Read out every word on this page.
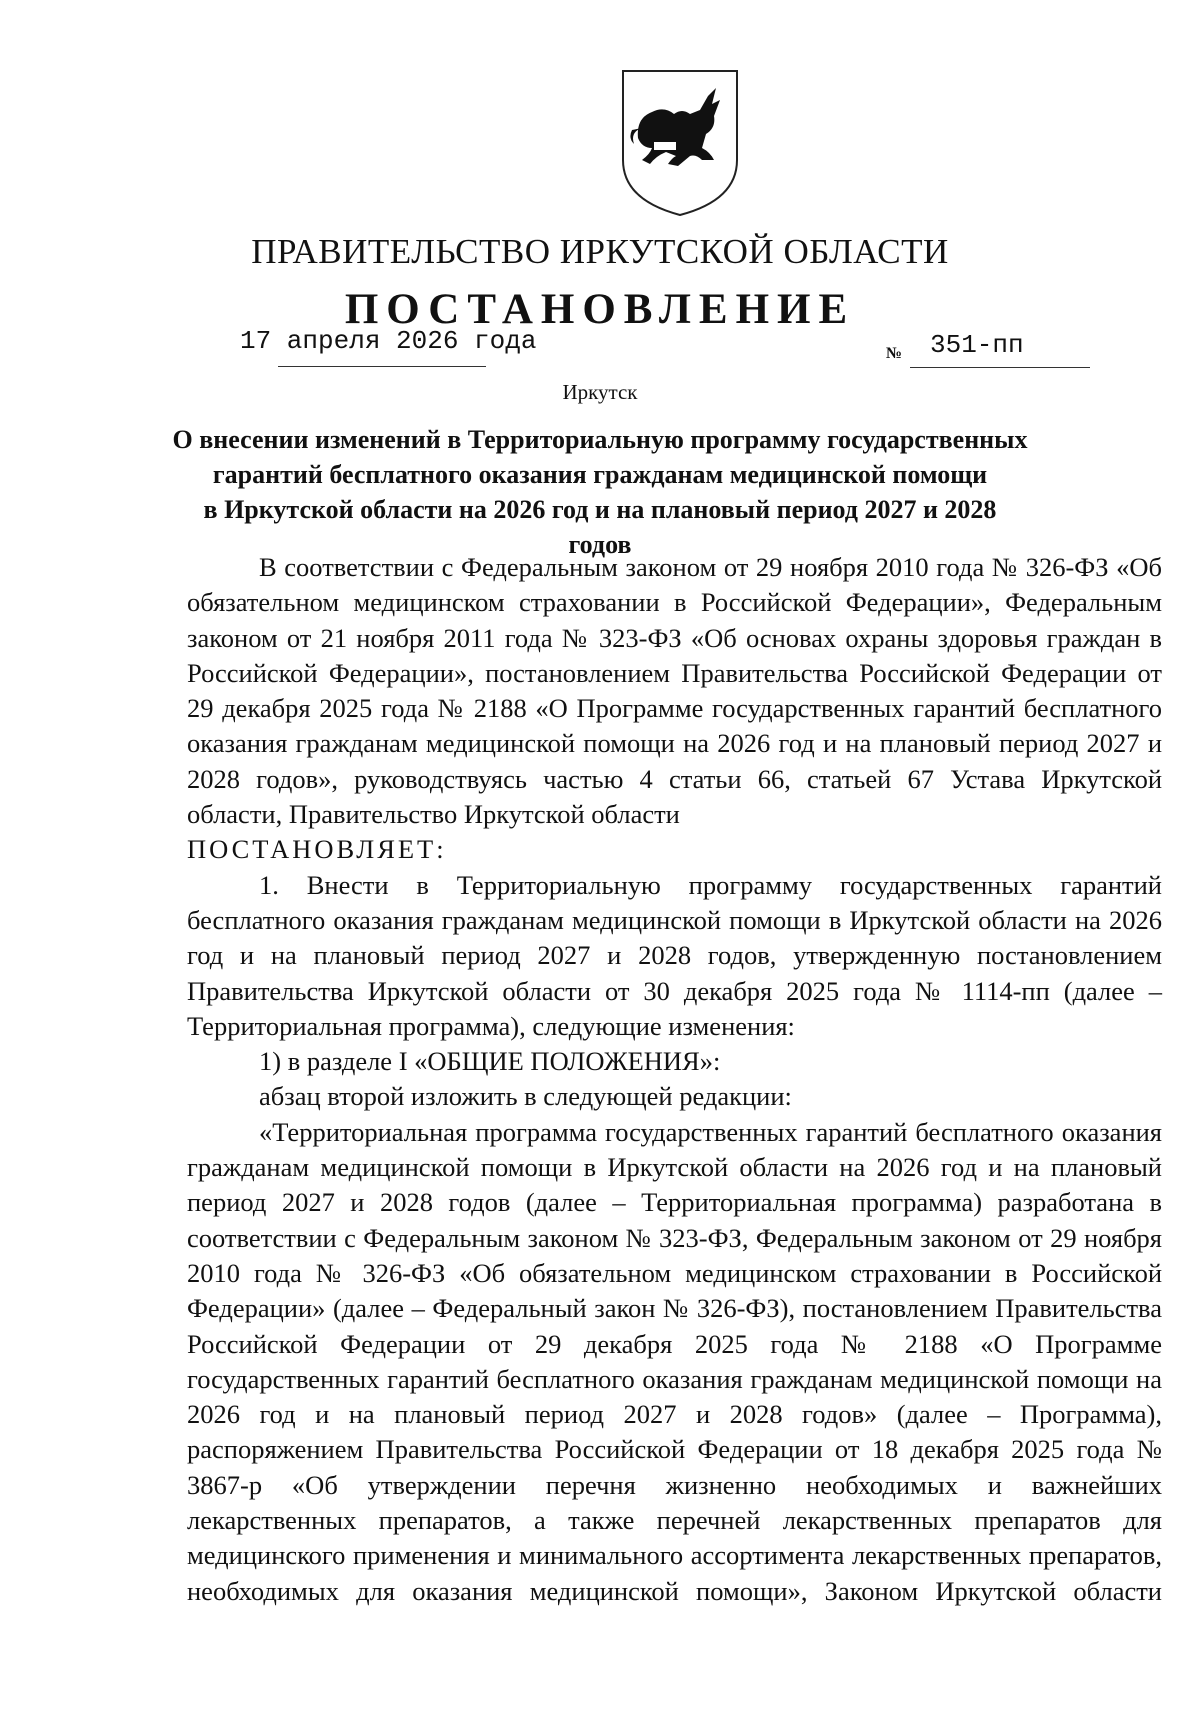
ПРАВИТЕЛЬСТВО ИРКУТСКОЙ ОБЛАСТИ
ПОСТАНОВЛЕНИЕ
17 апреля 2026 года	№ 351-пп
Иркутск
О внесении изменений в Территориальную программу государственных
гарантий бесплатного оказания гражданам медицинской помощи
в Иркутской области на 2026 год и на плановый период 2027 и 2028 годов

В соответствии с Федеральным законом от 29 ноября 2010 года № 326-ФЗ «Об обязательном медицинском страховании в Российской Федерации», Федеральным законом от 21 ноября 2011 года № 323-ФЗ «Об основах охраны здоровья граждан в Российской Федерации», постановлением Правительства Российской Федерации от 29 декабря 2025 года № 2188 «О Программе государственных гарантий бесплатного оказания гражданам медицинской помощи на 2026 год и на плановый период 2027 и 2028 годов», руководствуясь частью 4 статьи 66, статьей 67 Устава Иркутской области, Правительство Иркутской области

ПОСТАНОВЛЯЕТ:

1. Внести в Территориальную программу государственных гарантий бесплатного оказания гражданам медицинской помощи в Иркутской области на 2026 год и на плановый период 2027 и 2028 годов, утвержденную постановлением Правительства Иркутской области от 30 декабря 2025 года № 1114-пп (далее – Территориальная программа), следующие изменения:

1) в разделе I «ОБЩИЕ ПОЛОЖЕНИЯ»:

абзац второй изложить в следующей редакции:

«Территориальная программа государственных гарантий бесплатного оказания гражданам медицинской помощи в Иркутской области на 2026 год и на плановый период 2027 и 2028 годов (далее – Территориальная программа) разработана в соответствии с Федеральным законом № 323-ФЗ, Федеральным законом от 29 ноября 2010 года № 326-ФЗ «Об обязательном медицинском страховании в Российской Федерации» (далее – Федеральный закон № 326-ФЗ), постановлением Правительства Российской Федерации от 29 декабря 2025 года № 2188 «О Программе государственных гарантий бесплатного оказания гражданам медицинской помощи на 2026 год и на плановый период 2027 и 2028 годов» (далее – Программа), распоряжением Правительства Российской Федерации от 18 декабря 2025 года № 3867-р «Об утверждении перечня жизненно необходимых и важнейших лекарственных препаратов, а также перечней лекарственных препаратов для медицинского применения и минимального ассортимента лекарственных препаратов, необходимых для оказания медицинской помощи», Законом Иркутской области
